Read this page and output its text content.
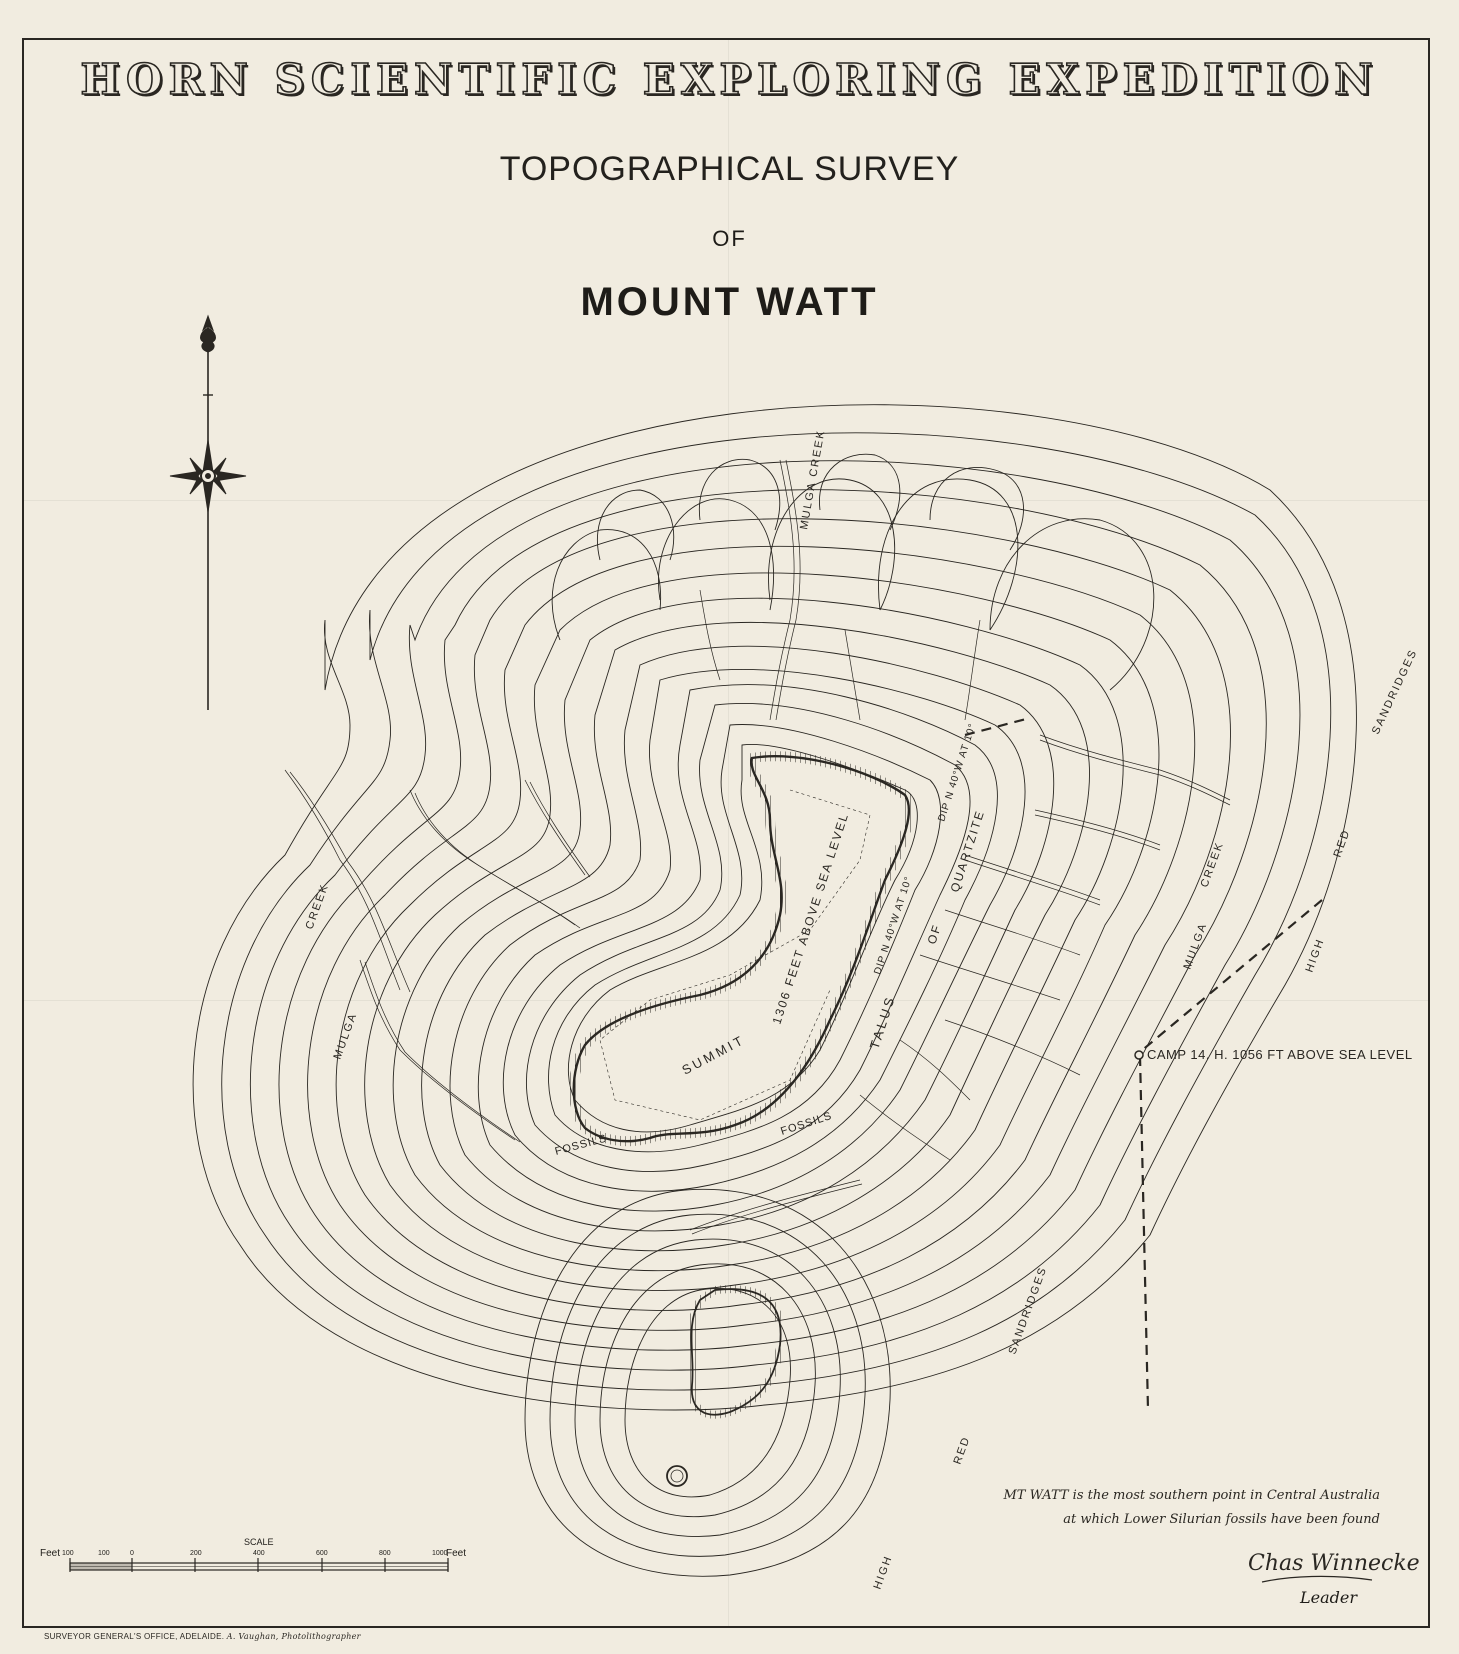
HORN SCIENTIFIC EXPLORING EXPEDITION
TOPOGRAPHICAL SURVEY
OF
MOUNT WATT
MULGA CREEK
CREEK
MULGA
CREEK
MULGA
SUMMIT
1306 FEET ABOVE SEA LEVEL TALUS
OF
QUARTZITE
DIP N 40°W AT 10°
DIP N 40°W AT 10°
FOSSILS
FOSSILS
CAMP 14. H. 1056 FT ABOVE SEA LEVEL
SANDRIDGES
RED
HIGH
SANDRIDGES
RED
HIGH
SCALE
Feet	Feet
100	100	0	200	400	600	800	1000
MT WATT is the most southern point in Central Australia
at which Lower Silurian fossils have been found
Chas Winnecke
Leader
SURVEYOR GENERAL'S OFFICE, ADELAIDE. A. Vaughan, Photolithographer
